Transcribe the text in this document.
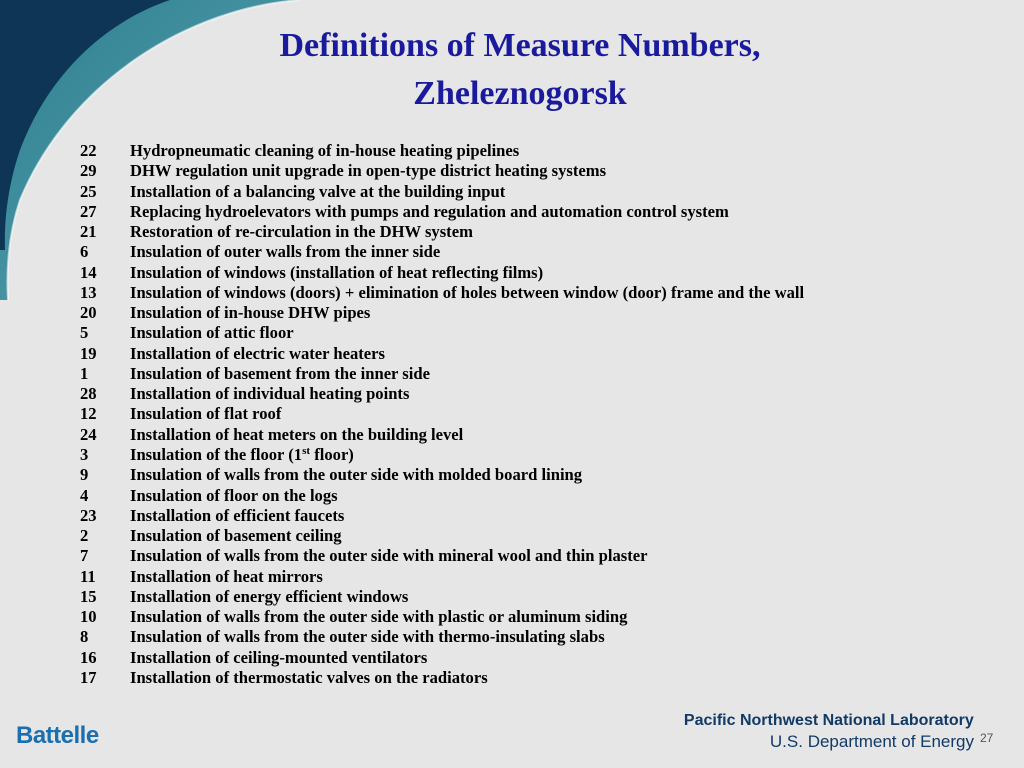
Definitions of Measure Numbers,
Zheleznogorsk
22	Hydropneumatic cleaning of in-house heating pipelines
29	DHW regulation unit upgrade in open-type district heating systems
25	Installation of a balancing valve at the building input
27	Replacing hydroelevators with pumps and regulation and automation control system
21	Restoration of re-circulation in the DHW system
6	Insulation of outer walls from the inner side
14	Insulation of windows (installation of heat reflecting films)
13	Insulation of windows (doors) + elimination of holes between window (door) frame and the wall
20	Insulation of in-house DHW pipes
5	Insulation of attic floor
19	Installation of electric water heaters
1	Insulation of basement from the inner side
28	Installation of individual heating points
12	Insulation of flat roof
24	Installation of heat meters on the building level
3	Insulation of the floor (1st floor)
9	Insulation of walls from the outer side with molded board lining
4	Insulation of floor on the logs
23	Installation of efficient faucets
2	Insulation of basement ceiling
7	Insulation of walls from the outer side with mineral wool and thin plaster
11	Installation of heat mirrors
15	Installation of energy efficient windows
10	Insulation of walls from the outer side with plastic or aluminum siding
8	Insulation of walls from the outer side with thermo-insulating slabs
16	Installation of ceiling-mounted ventilators
17	Installation of thermostatic valves on the radiators
Battelle
Pacific Northwest National Laboratory
U.S. Department of Energy 27
